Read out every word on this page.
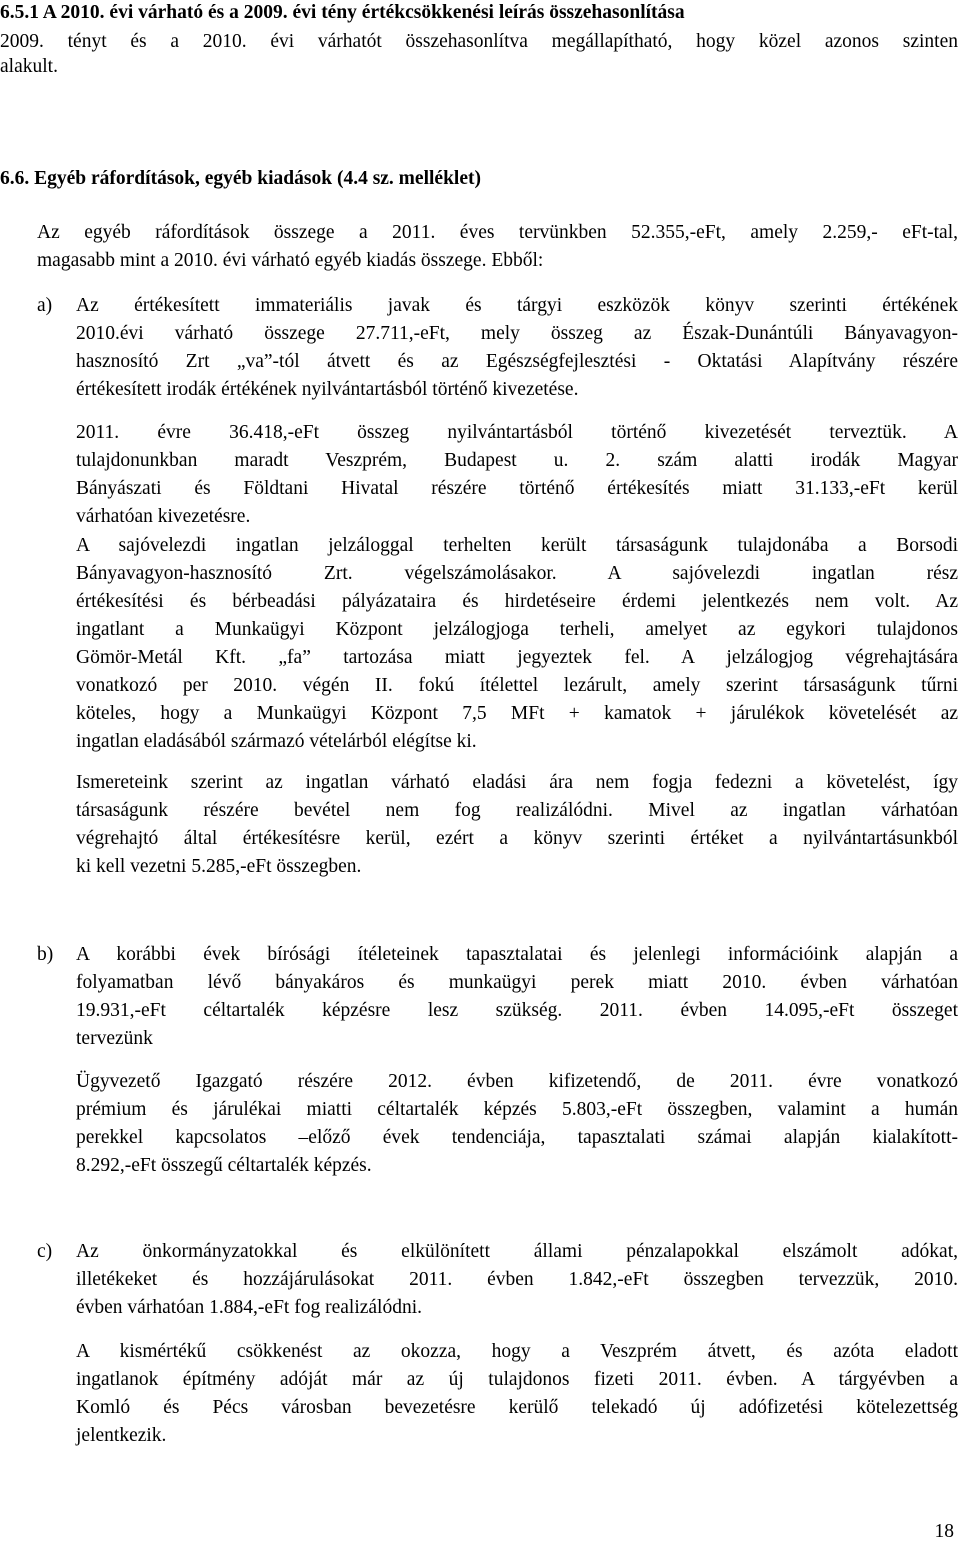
6.5.1 A 2010. évi várható és a 2009. évi tény értékcsökkenési leírás összehasonlítása
2009. tényt és a 2010. évi várhatót összehasonlítva megállapítható, hogy közel azonos szinten
alakult.
6.6. Egyéb ráfordítások, egyéb kiadások (4.4 sz. melléklet)
Az egyéb ráfordítások összege a 2011. éves tervünkben 52.355,-eFt, amely 2.259,- eFt-tal,
magasabb mint a 2010. évi várható egyéb kiadás összege. Ebből:
a) Az értékesített immateriális javak és tárgyi eszközök könyv szerinti értékének
2010.évi várható összege 27.711,-eFt, mely összeg az Észak-Dunántúli Bányavagyon-
hasznosító Zrt „va”-tól átvett és az Egészségfejlesztési - Oktatási Alapítvány részére
értékesített irodák értékének nyilvántartásból történő kivezetése.
2011. évre 36.418,-eFt összeg nyilvántartásból történő kivezetését terveztük. A
tulajdonunkban maradt Veszprém, Budapest u. 2. szám alatti irodák Magyar
Bányászati és Földtani Hivatal részére történő értékesítés miatt 31.133,-eFt kerül
várhatóan kivezetésre.
A sajóvelezdi ingatlan jelzáloggal terhelten került társaságunk tulajdonába a Borsodi
Bányavagyon-hasznosító Zrt. végelszámolásakor. A sajóvelezdi ingatlan rész
értékesítési és bérbeadási pályázataira és hirdetéseire érdemi jelentkezés nem volt. Az
ingatlant a Munkaügyi Központ jelzálogjoga terheli, amelyet az egykori tulajdonos
Gömör-Metál Kft. „fa” tartozása miatt jegyeztek fel. A jelzálogjog végrehajtására
vonatkozó per 2010. végén II. fokú ítélettel lezárult, amely szerint társaságunk tűrni
köteles, hogy a Munkaügyi Központ 7,5 MFt + kamatok + járulékok követelését az
ingatlan eladásából származó vételárból elégítse ki.
Ismereteink szerint az ingatlan várható eladási ára nem fogja fedezni a követelést, így
társaságunk részére bevétel nem fog realizálódni. Mivel az ingatlan várhatóan
végrehajtó által értékesítésre kerül, ezért a könyv szerinti értéket a nyilvántartásunkból
ki kell vezetni 5.285,-eFt összegben.
b) A korábbi évek bírósági ítéleteinek tapasztalatai és jelenlegi információink alapján a
folyamatban lévő bányakáros és munkaügyi perek miatt 2010. évben várhatóan
19.931,-eFt céltartalék képzésre lesz szükség. 2011. évben 14.095,-eFt összeget
tervezünk
Ügyvezető Igazgató részére 2012. évben kifizetendő, de 2011. évre vonatkozó
prémium és járulékai miatti céltartalék képzés 5.803,-eFt összegben, valamint a humán
perekkel kapcsolatos –előző évek tendenciája, tapasztalati számai alapján kialakított-
8.292,-eFt összegű céltartalék képzés.
c) Az önkormányzatokkal és elkülönített állami pénzalapokkal elszámolt adókat,
illetékeket és hozzájárulásokat 2011. évben 1.842,-eFt összegben tervezzük, 2010.
évben várhatóan 1.884,-eFt fog realizálódni.
A kismértékű csökkenést az okozza, hogy a Veszprém átvett, és azóta eladott
ingatlanok építmény adóját már az új tulajdonos fizeti 2011. évben. A tárgyévben a
Komló és Pécs városban bevezetésre kerülő telekadó új adófizetési kötelezettség
jelentkezik.
18
